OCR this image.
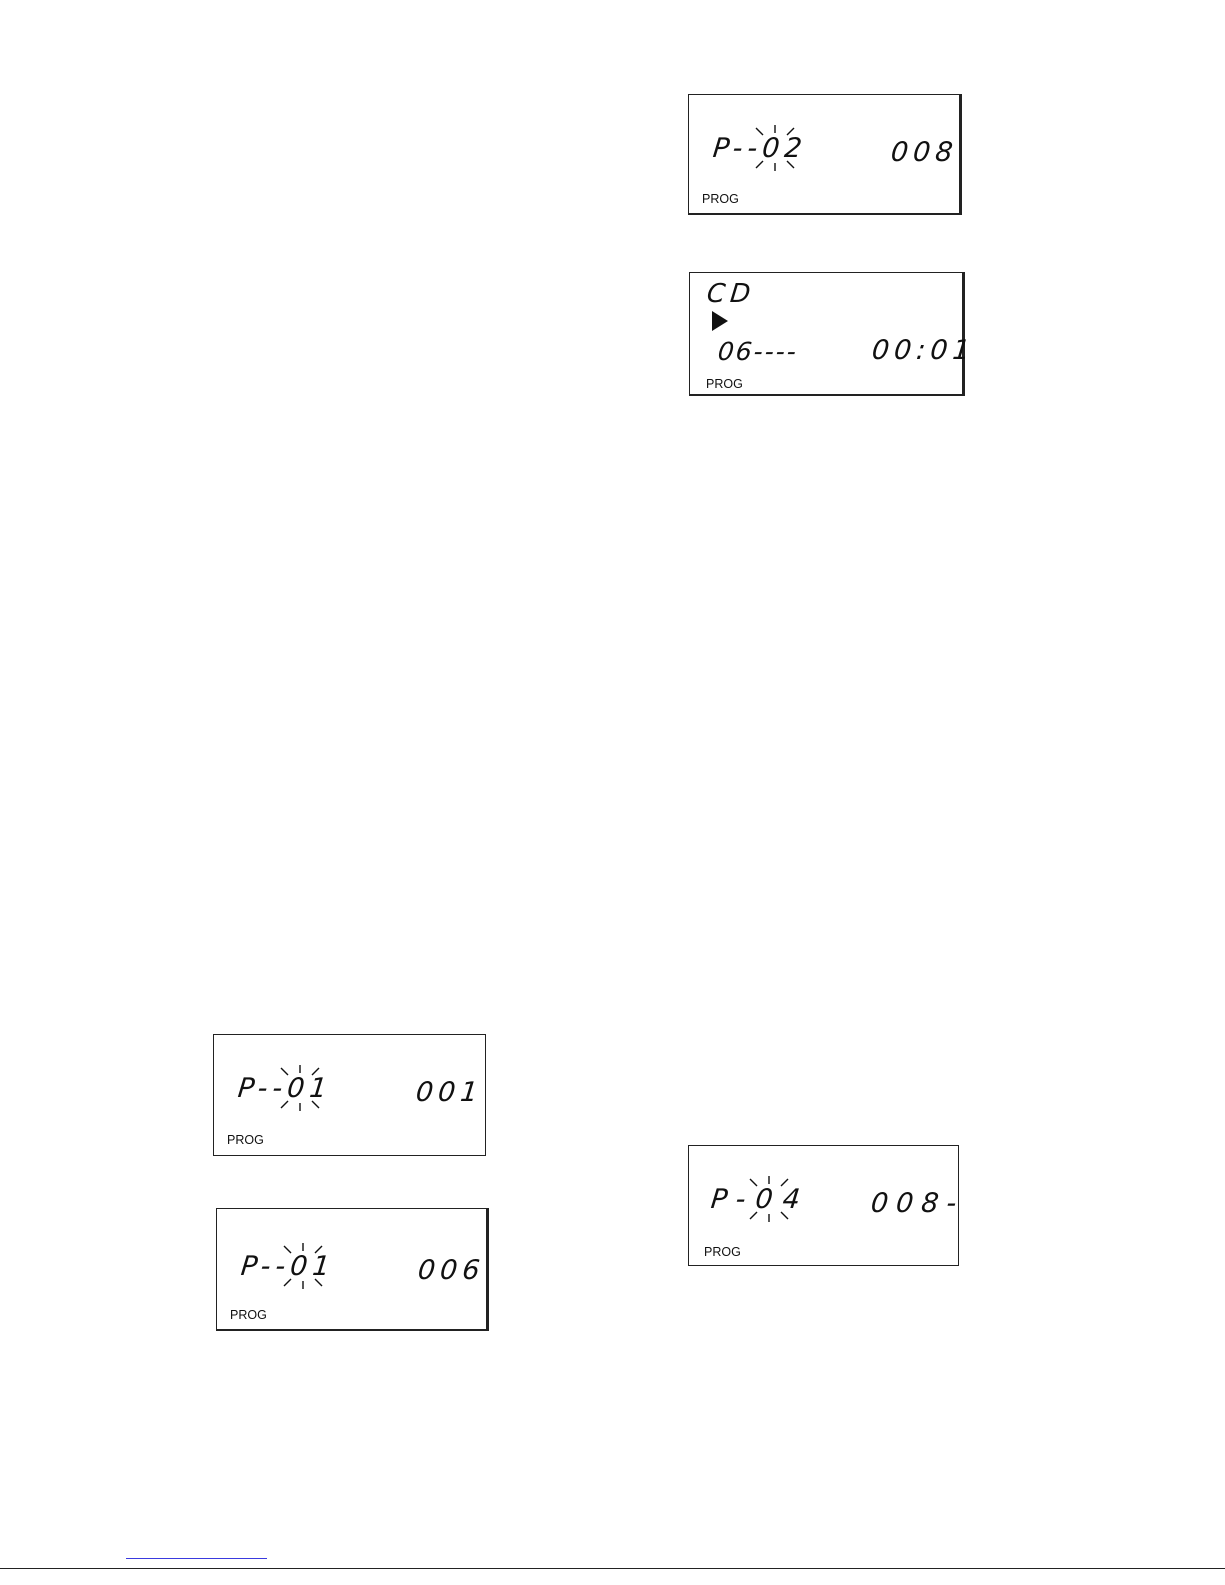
P--02	008
PROG
CD
06----	00:01
PROG
P--01	001
PROG
P--01	006
PROG
P-04 008-
PROG
